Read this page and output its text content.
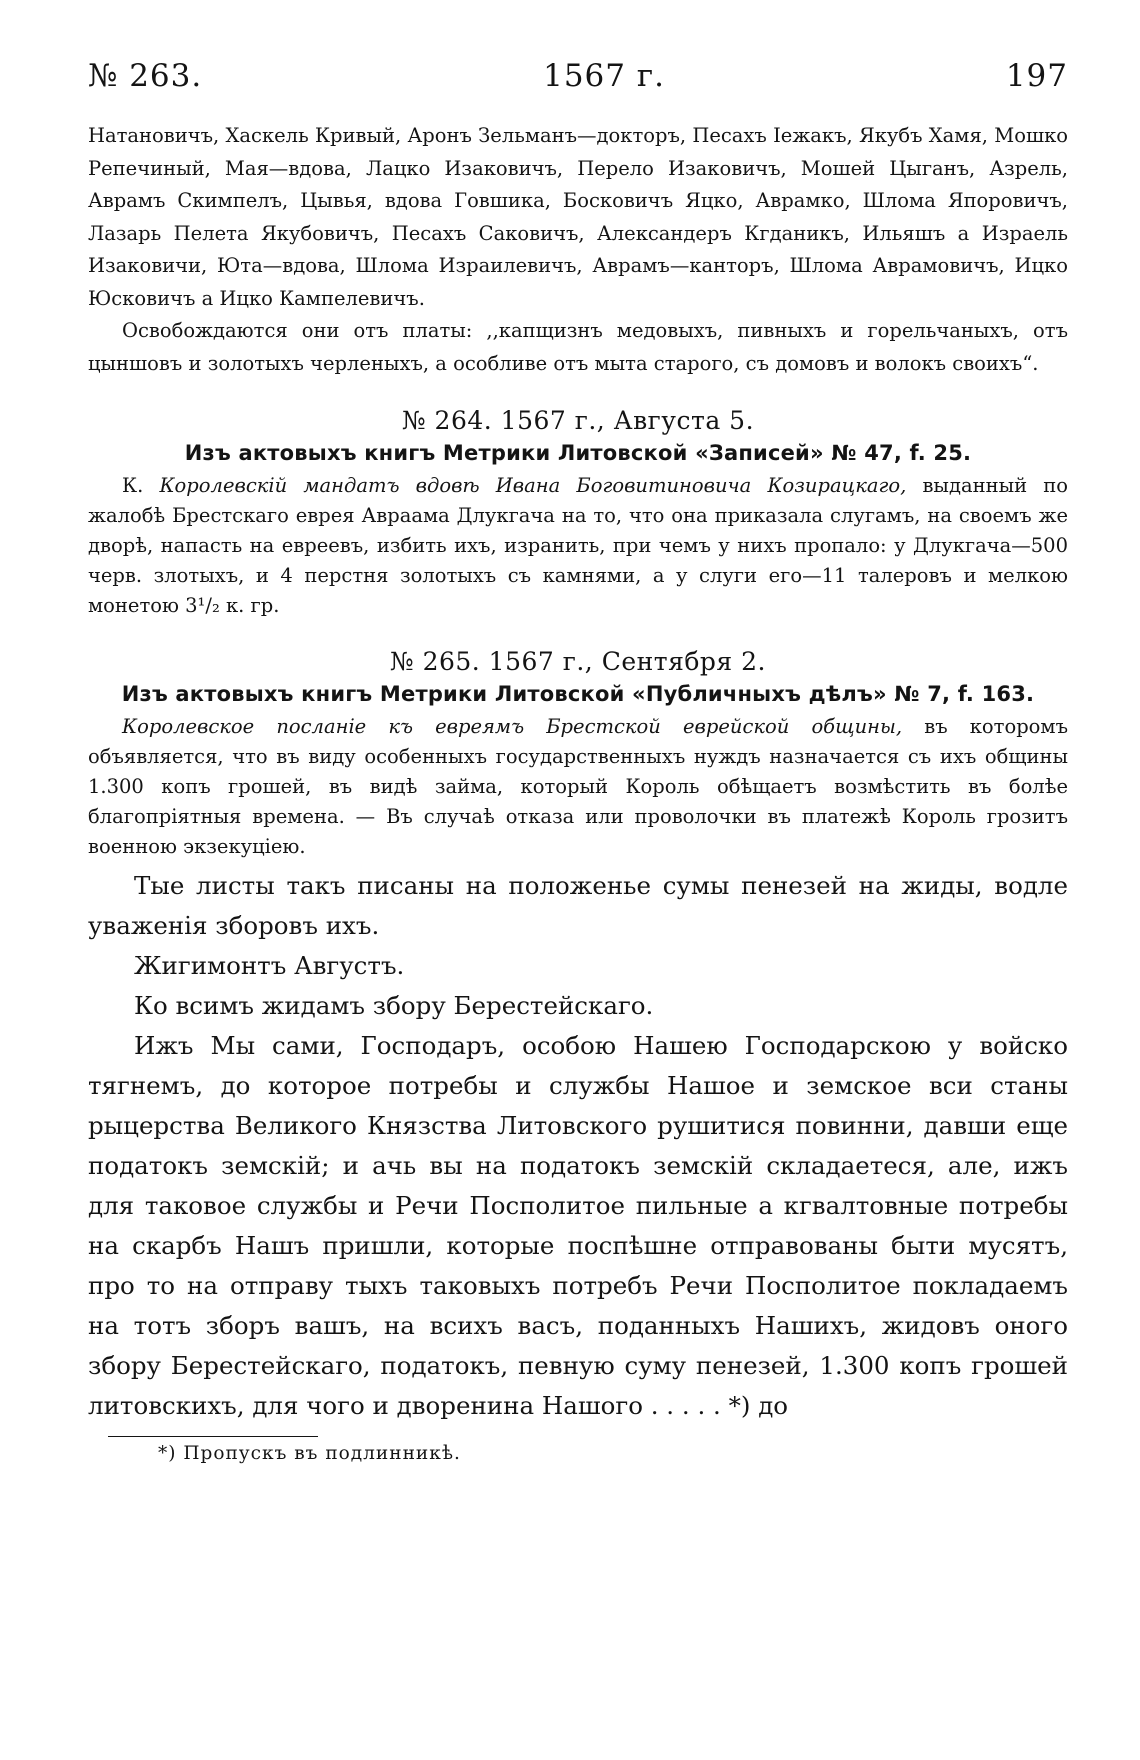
№ 263.	1567 г.	197

Натановичъ, Хаскель Кривый, Аронъ Зельманъ—докторъ, Песахъ Іежакъ, Якубъ Хамя, Мошко Репечиный, Мая—вдова, Лацко Изаковичъ, Перело Изаковичъ, Мошей Цыганъ, Азрель, Аврамъ Скимпелъ, Цывья, вдова Говшика, Босковичъ Яцко, Аврамко, Шлома Япоровичъ, Лазарь Пелета Якубовичъ, Песахъ Саковичъ, Александеръ Кгданикъ, Ильяшъ а Израель Изаковичи, Юта—вдова, Шлома Израилевичъ, Аврамъ—канторъ, Шлома Аврамовичъ, Ицко Юсковичъ а Ицко Кампелевичъ.

Освобождаются они отъ платы: ,,капщизнъ медовыхъ, пивныхъ и горельчаныхъ, отъ цыншовъ и золотыхъ черленыхъ, а особливе отъ мыта старого, съ домовъ и волокъ своихъ“.

№ 264. 1567 г., Августа 5.
Изъ актовыхъ книгъ Метрики Литовской «Записей» № 47, f. 25.

К. Королевскій мандатъ вдовѣ Ивана Боговитиновича Козирацкаго, выданный по жалобѣ Брестскаго еврея Авраама Длукгача на то, что она приказала слугамъ, на своемъ же дворѣ, напасть на евреевъ, избить ихъ, изранить, при чемъ у нихъ пропало: у Длукгача—500 черв. злотыхъ, и 4 перстня золотыхъ съ камнями, а у слуги его—11 талеровъ и мелкою монетою 3¹/₂ к. гр.

№ 265. 1567 г., Сентября 2.
Изъ актовыхъ книгъ Метрики Литовской «Публичныхъ дѣлъ» № 7, f. 163.

Королевское посланіе къ евреямъ Брестской еврейской общины, въ которомъ объявляется, что въ виду особенныхъ государственныхъ нуждъ назначается съ ихъ общины 1.300 копъ грошей, въ видѣ займа, который Король обѣщаетъ возмѣстить въ болѣе благопріятныя времена. — Въ случаѣ отказа или проволочки въ платежѣ Король грозитъ военною экзекуціею.

Тые листы такъ писаны на положенье сумы пенезей на жиды, водле уваженія зборовъ ихъ.

Жигимонтъ Августъ.

Ко всимъ жидамъ збору Берестейскаго.

Ижъ Мы сами, Господаръ, особою Нашею Господарскою у войско тягнемъ, до которое потребы и службы Нашое и земское вси станы рыцерства Великого Князства Литовского рушитися повинни, давши еще податокъ земскій; и ачь вы на податокъ земскій складаетеся, але, ижъ для таковое службы и Речи Посполитое пильные а кгвалтовные потребы на скарбъ Нашъ пришли, которые поспѣшне отправованы быти мусятъ, про то на отправу тыхъ таковыхъ потребъ Речи Посполитое покладаемъ на тотъ зборъ вашъ, на всихъ васъ, поданныхъ Нашихъ, жидовъ оного збору Берестейскаго, податокъ, певную суму пенезей, 1.300 копъ грошей литовскихъ, для чого и дворенина Нашого . . . . . *) до

*) Пропускъ въ подлинникѣ.
